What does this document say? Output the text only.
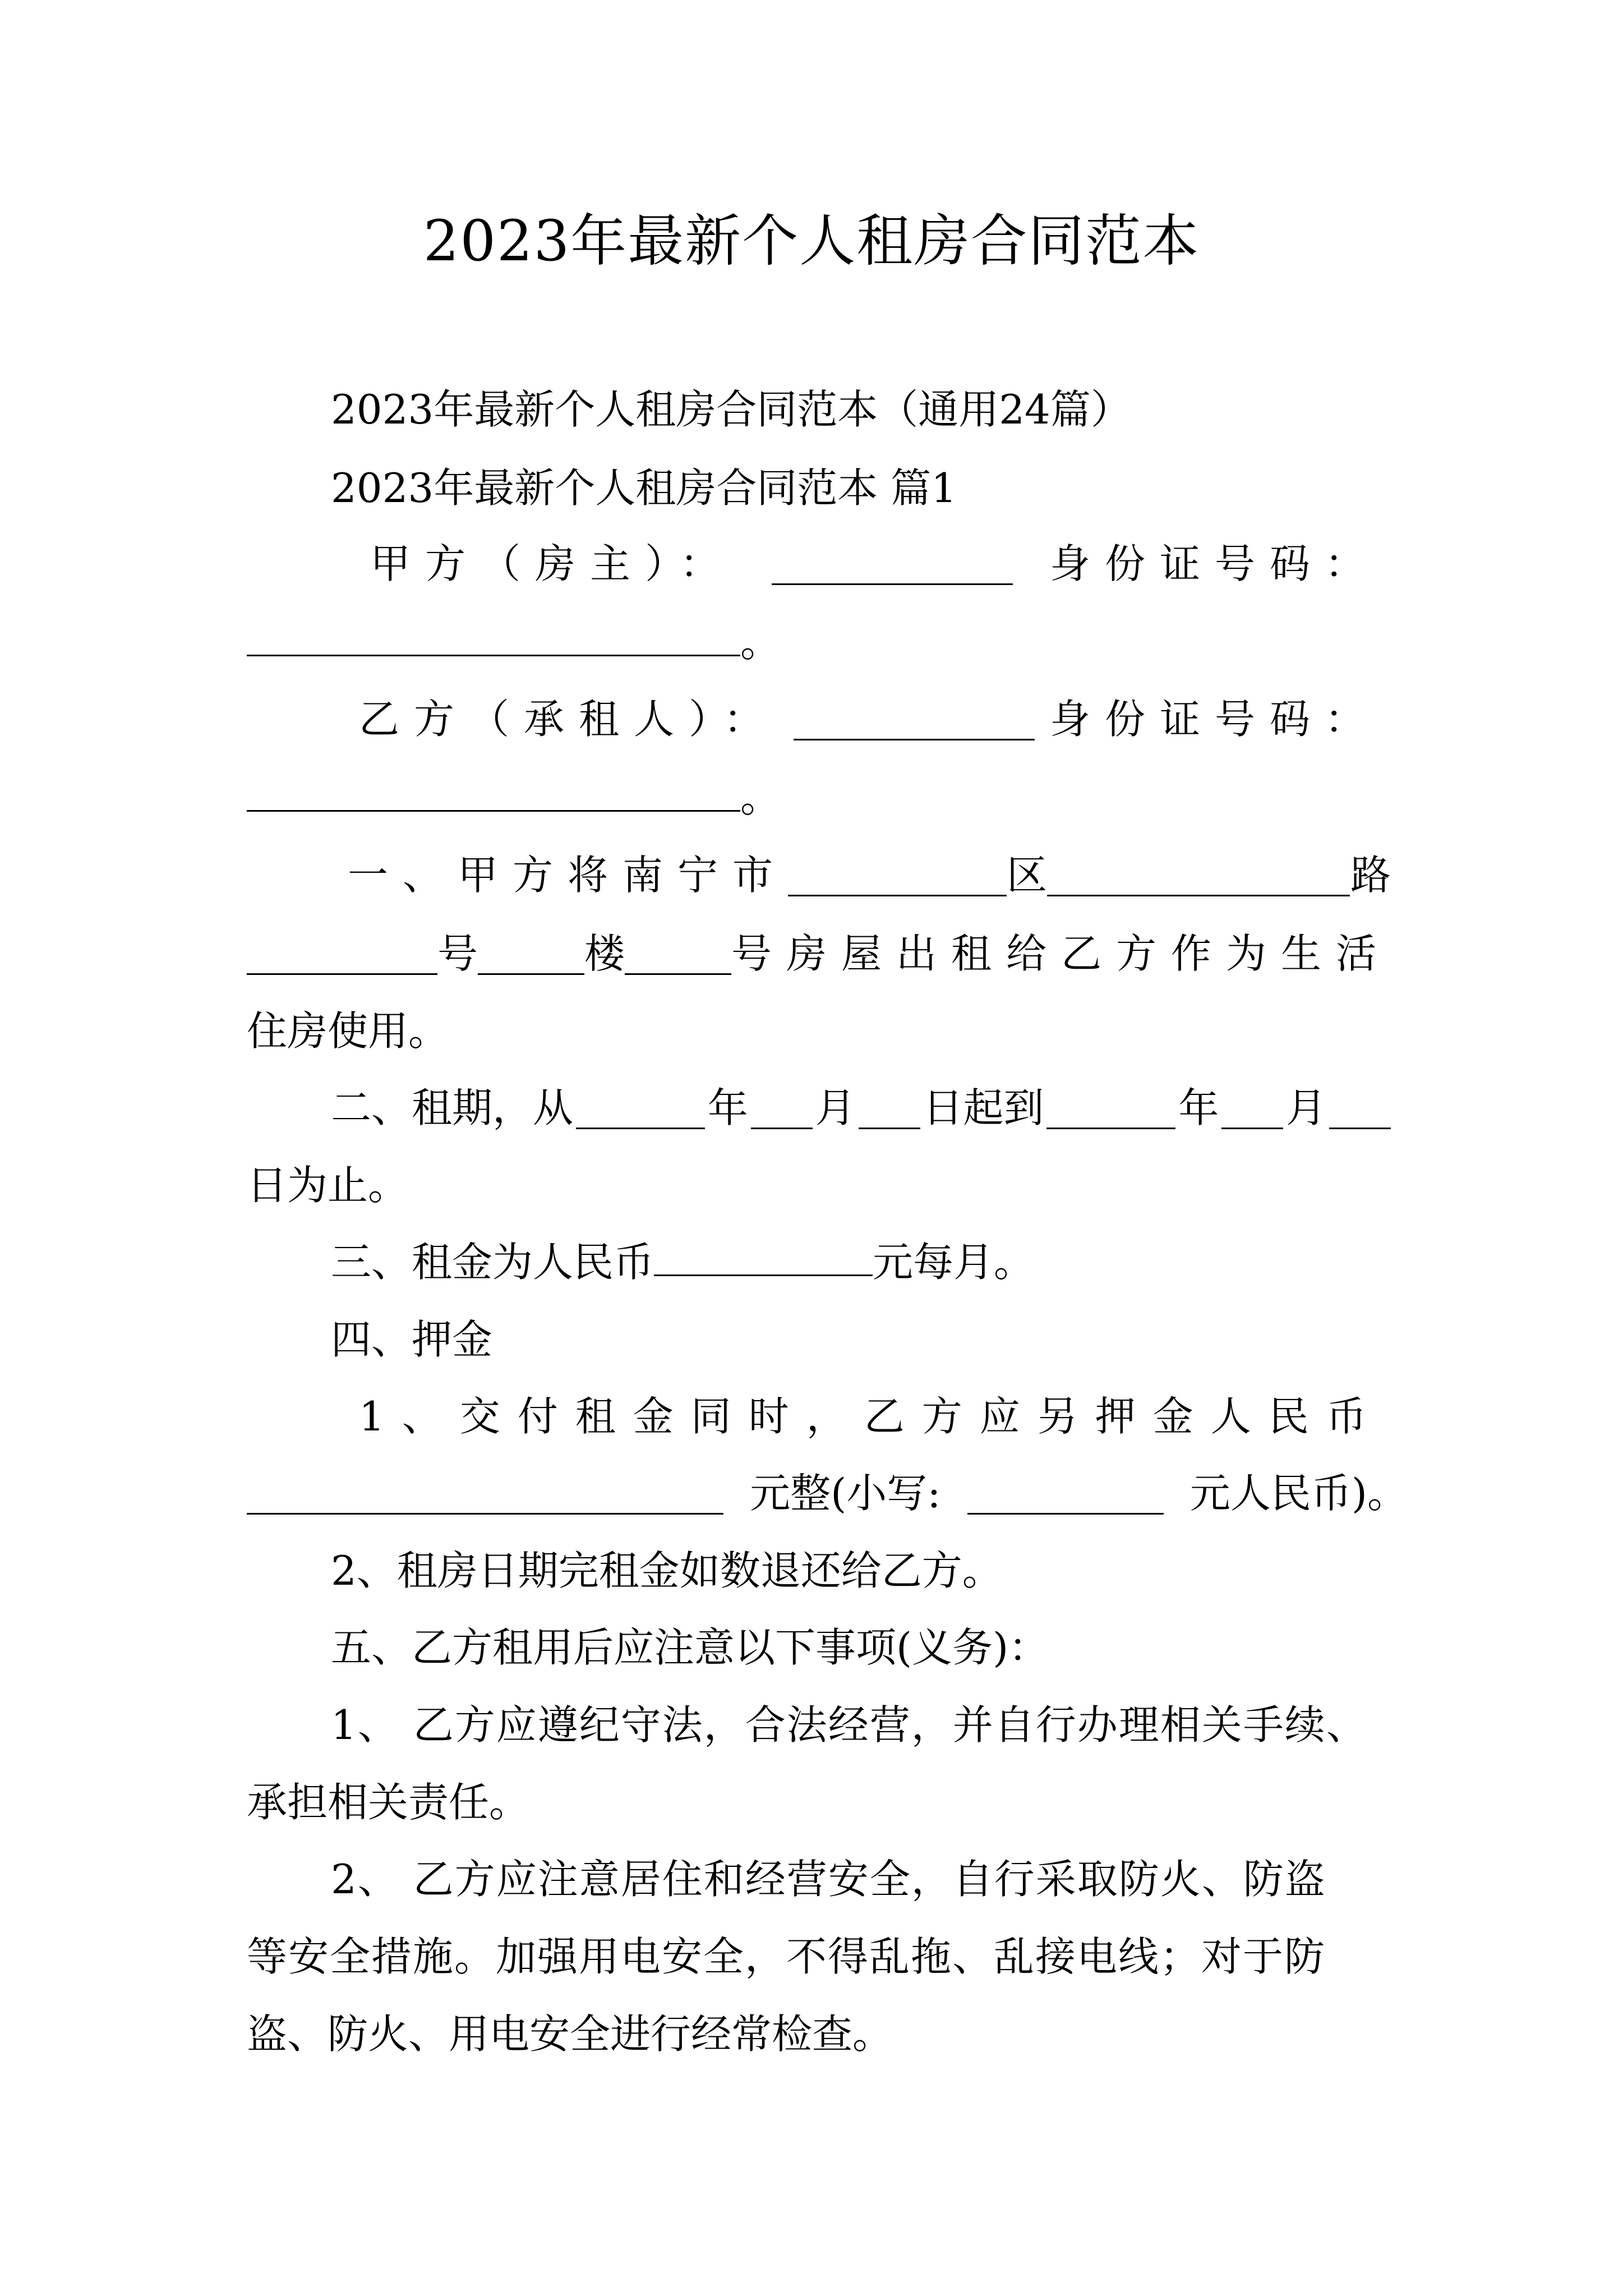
2023年最新个人租房合同范本
2023年最新个人租房合同范本（通用24篇）
2023年最新个人租房合同范本 篇1
甲方（房主）：	身份证号码：
。
乙方（承租人）：	身份证号码：
。
一、甲方将南宁市	区	路
号	楼	号房屋出租给乙方作为生活
住房使用。
二、租期，从	年 月 日起到	年 月
日为止。
三、租金为人民币	元每月。
四、押金
1、交付租金同时，乙方应另押金人民币
元整(小写:	元人民币)。
2、租房日期完租金如数退还给乙方。
五、乙方租用后应注意以下事项(义务)：
1、 乙方应遵纪守法，合法经营，并自行办理相关手续、
承担相关责任。
2、 乙方应注意居住和经营安全，自行采取防火、防盗
等安全措施。加强用电安全，不得乱拖、乱接电线；对于防
盗、防火、用电安全进行经常检查。
